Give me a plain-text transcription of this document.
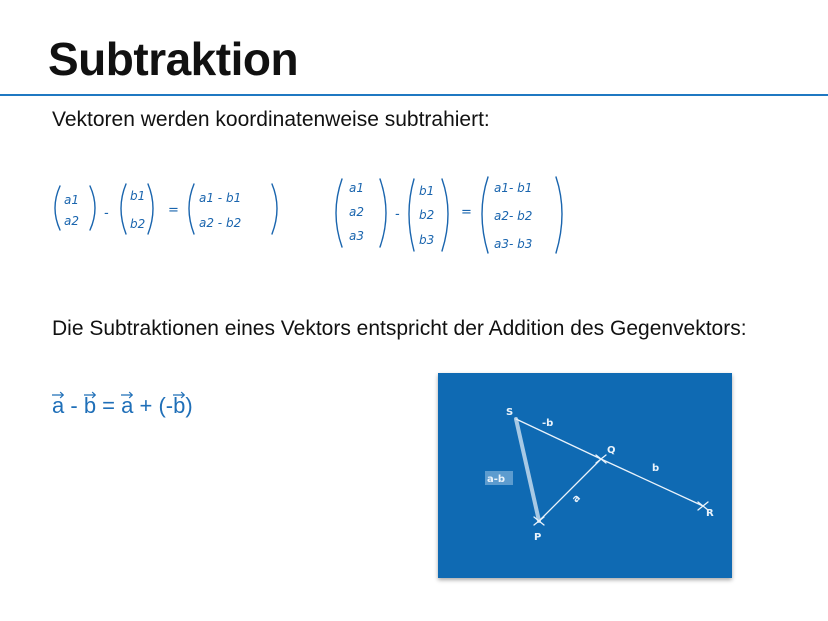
Subtraktion

Vektoren werden koordinatenweise subtrahiert:

a1
a2 -
b1
b2
=
a1 - b1
a2 - b2
a1
a2
a3
-
b1
b2
b3
=
a1- b1
a2- b2
a3- b3

Die Subtraktionen eines Vektors entspricht der Addition des Gegenvektors:

a
- b
= a
+ (-b
)
P
S
Q
R
-b
b
a
a-b
